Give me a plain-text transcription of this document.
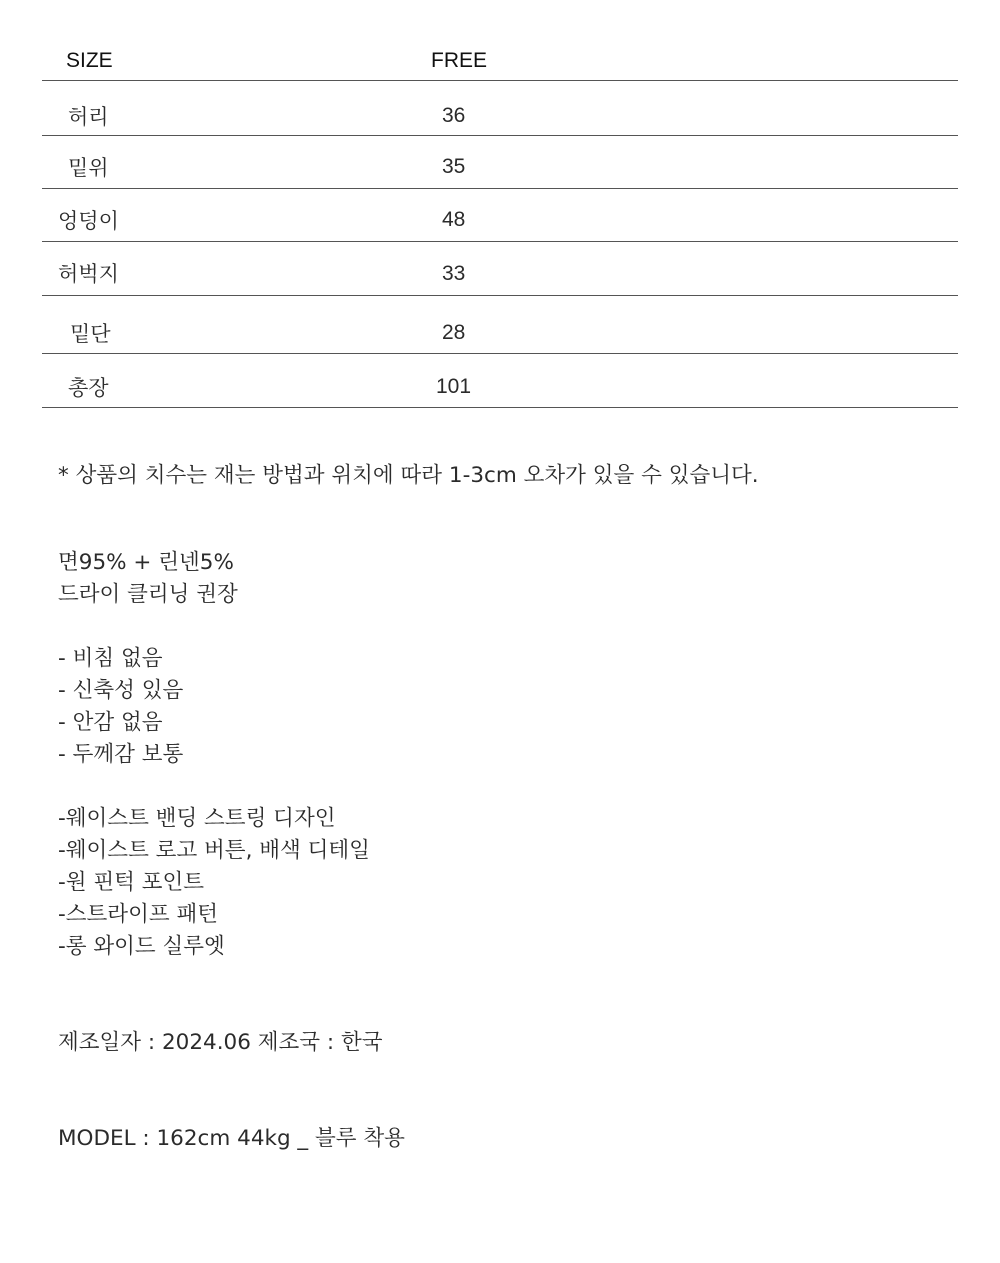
SIZE	FREE
허리	36
밑위	35
엉덩이	48
허벅지	33
밑단	28
총장	101
* 상품의 치수는 재는 방법과 위치에 따라 1-3cm 오차가 있을 수 있습니다.
면95% + 린넨5%
드라이 클리닝 권장
- 비침 없음
- 신축성 있음
- 안감 없음
- 두께감 보통
-웨이스트 밴딩 스트링 디자인
-웨이스트 로고 버튼, 배색 디테일
-원 핀턱 포인트
-스트라이프 패턴
-롱 와이드 실루엣
제조일자 : 2024.06 제조국 : 한국
MODEL : 162cm 44kg _ 블루 착용
